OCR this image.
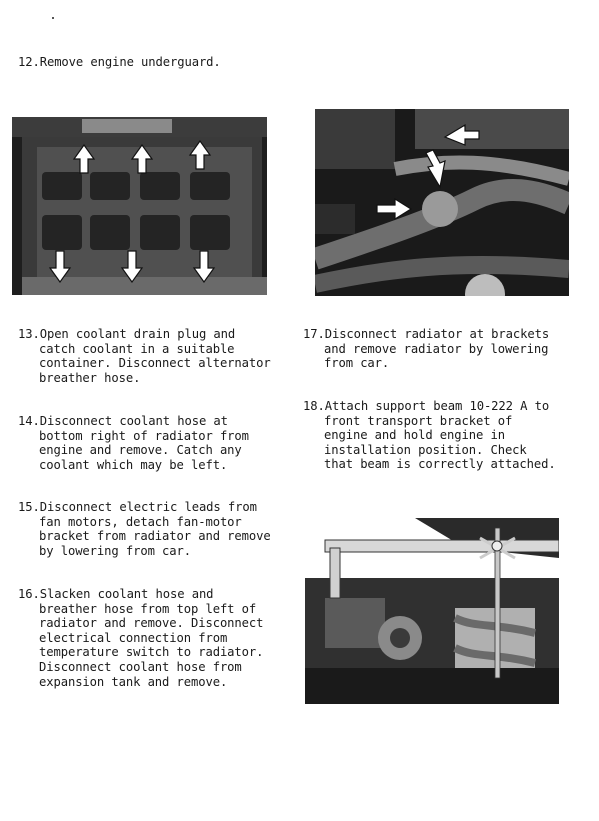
12.Remove engine underguard.
13.Open coolant drain plug and
catch coolant in a suitable
container. Disconnect alternator
breather hose.
14.Disconnect coolant hose at
bottom right of radiator from
engine and remove. Catch any
coolant which may be left.
15.Disconnect electric leads from
fan motors, detach fan-motor
bracket from radiator and remove
by lowering from car.
16.Slacken coolant hose and
breather hose from top left of
radiator and remove. Disconnect
electrical connection from
temperature switch to radiator.
Disconnect coolant hose from
expansion tank and remove.
17.Disconnect radiator at brackets
and remove radiator by lowering
from car.
18.Attach support beam 10-222 A to
front transport bracket of
engine and hold engine in
installation position. Check
that beam is correctly attached.
